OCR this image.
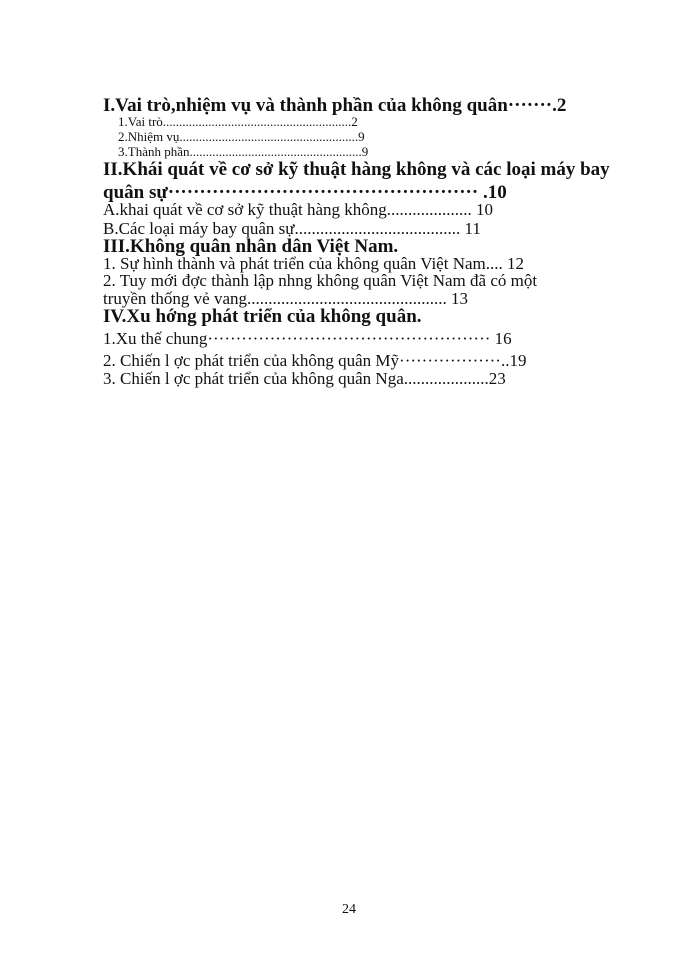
I.Vai trò,nhiệm vụ và thành phần của không quân·······.2
1.Vai trò..........................................................2
2.Nhiệm vụ.......................................................9
3.Thành phần.....................................................9
II.Khái quát về cơ sở kỹ thuật hàng không và các loại máy bay
quân sự················································· .10
A.khai quát về cơ sở kỹ thuật hàng không.................... 10
B.Các loại máy bay quân sự....................................... 11
III.Không quân nhân dân Việt Nam.
1. Sự hình thành và phát triển của không quân Việt Nam.... 12
2. Tuy mới đợc thành lập nhng không quân Việt Nam đã có một
truyền thống vẻ vang............................................... 13
IV.Xu hớng phát triển của không quân.
1.Xu thế chung·················································· 16
2. Chiến l ợc phát triển của không quân Mỹ··················..19
3. Chiến l ợc phát triển của không quân Nga....................23
24
